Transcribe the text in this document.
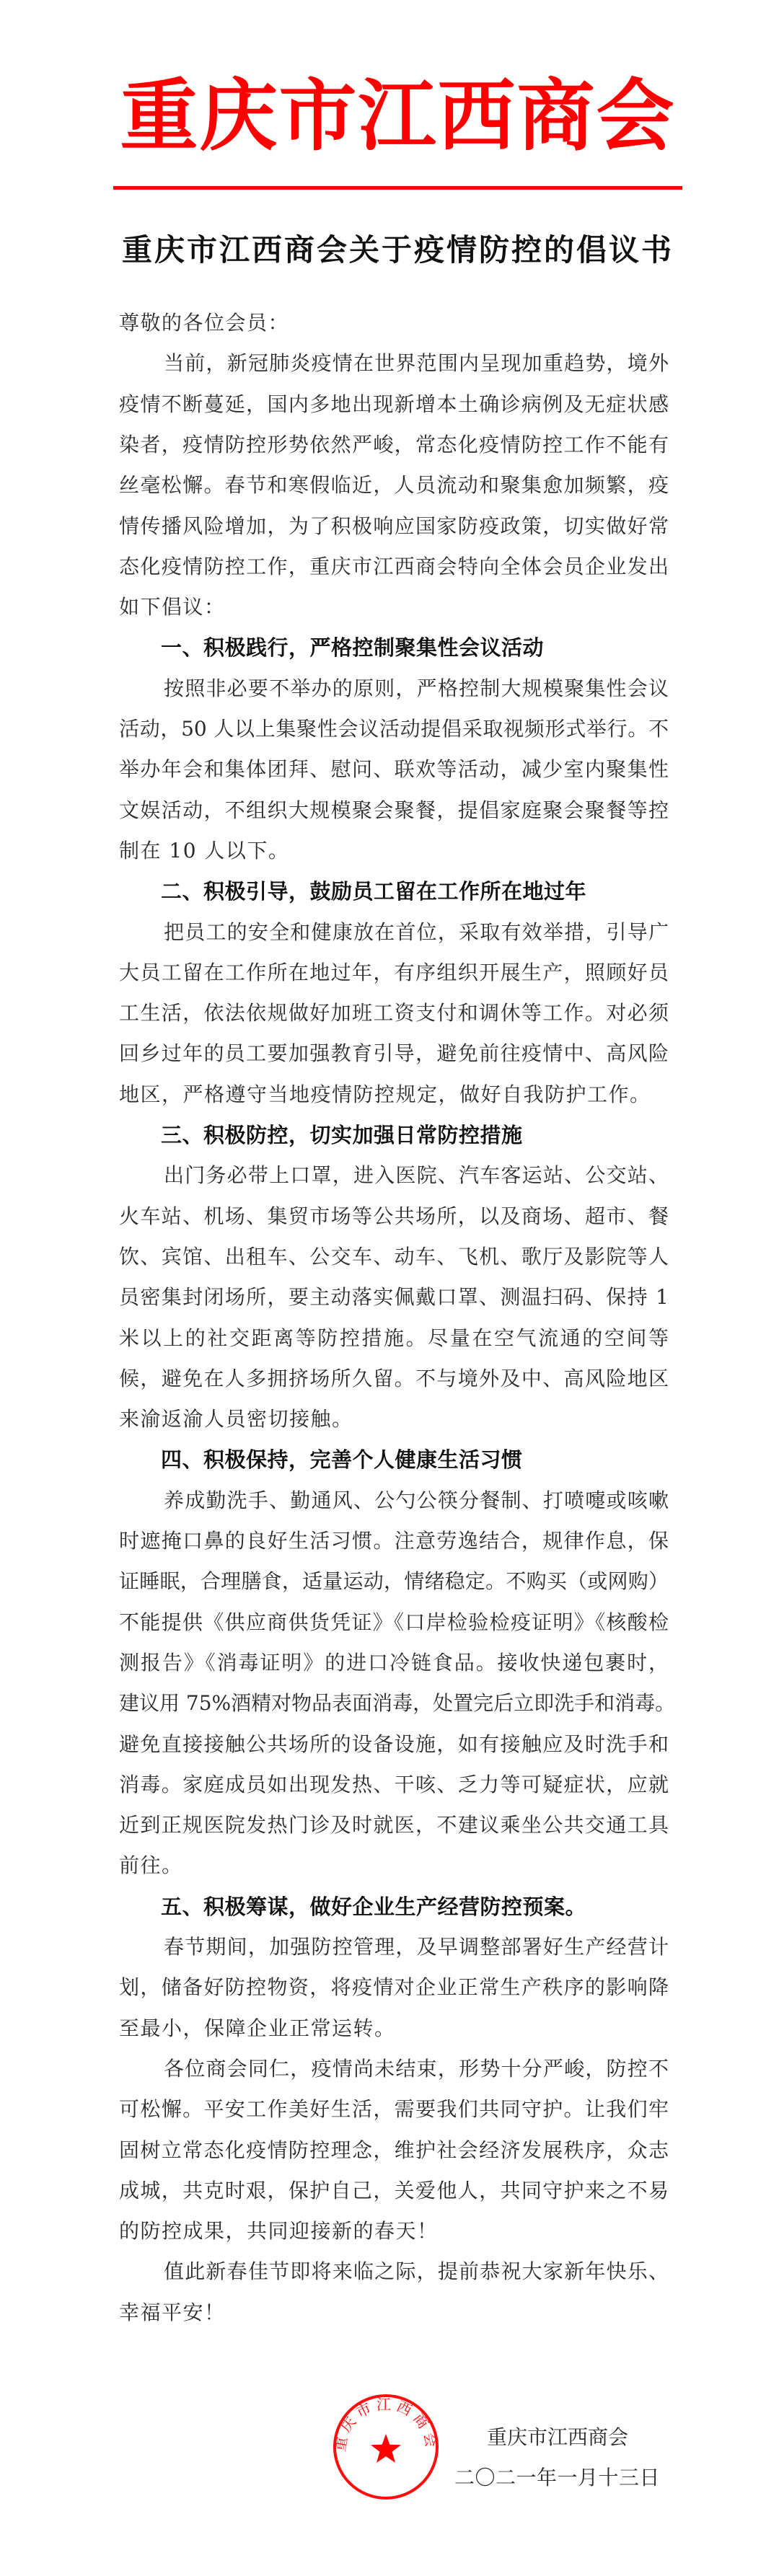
重庆市江西商会
重庆市江西商会关于疫情防控的倡议书
尊敬的各位会员：
当前，新冠肺炎疫情在世界范围内呈现加重趋势，境外
疫情不断蔓延，国内多地出现新增本土确诊病例及无症状感
染者，疫情防控形势依然严峻，常态化疫情防控工作不能有
丝毫松懈。春节和寒假临近，人员流动和聚集愈加频繁，疫
情传播风险增加，为了积极响应国家防疫政策，切实做好常
态化疫情防控工作，重庆市江西商会特向全体会员企业发出
如下倡议：
一、积极践行，严格控制聚集性会议活动
按照非必要不举办的原则，严格控制大规模聚集性会议
活动，50 人以上集聚性会议活动提倡采取视频形式举行。不
举办年会和集体团拜、慰问、联欢等活动，减少室内聚集性
文娱活动，不组织大规模聚会聚餐，提倡家庭聚会聚餐等控
制在 10 人以下。
二、积极引导，鼓励员工留在工作所在地过年
把员工的安全和健康放在首位，采取有效举措，引导广
大员工留在工作所在地过年，有序组织开展生产，照顾好员
工生活，依法依规做好加班工资支付和调休等工作。对必须
回乡过年的员工要加强教育引导，避免前往疫情中、高风险
地区，严格遵守当地疫情防控规定，做好自我防护工作。
三、积极防控，切实加强日常防控措施
出门务必带上口罩，进入医院、汽车客运站、公交站、
火车站、机场、集贸市场等公共场所，以及商场、超市、餐
饮、宾馆、出租车、公交车、动车、飞机、歌厅及影院等人
员密集封闭场所，要主动落实佩戴口罩、测温扫码、保持 1
米以上的社交距离等防控措施。尽量在空气流通的空间等
候，避免在人多拥挤场所久留。不与境外及中、高风险地区
来渝返渝人员密切接触。
四、积极保持，完善个人健康生活习惯
养成勤洗手、勤通风、公勺公筷分餐制、打喷嚏或咳嗽
时遮掩口鼻的良好生活习惯。注意劳逸结合，规律作息，保
证睡眠，合理膳食，适量运动，情绪稳定。不购买（或网购）
不能提供《供应商供货凭证》《口岸检验检疫证明》《核酸检
测报告》《消毒证明》的进口冷链食品。接收快递包裹时，
建议用 75%酒精对物品表面消毒，处置完后立即洗手和消毒。
避免直接接触公共场所的设备设施，如有接触应及时洗手和
消毒。家庭成员如出现发热、干咳、乏力等可疑症状，应就
近到正规医院发热门诊及时就医，不建议乘坐公共交通工具
前往。
五、积极筹谋，做好企业生产经营防控预案。
春节期间，加强防控管理，及早调整部署好生产经营计
划，储备好防控物资，将疫情对企业正常生产秩序的影响降
至最小，保障企业正常运转。
各位商会同仁，疫情尚未结束，形势十分严峻，防控不
可松懈。平安工作美好生活，需要我们共同守护。让我们牢
固树立常态化疫情防控理念，维护社会经济发展秩序，众志
成城，共克时艰，保护自己，关爱他人，共同守护来之不易
的防控成果，共同迎接新的春天！
值此新春佳节即将来临之际，提前恭祝大家新年快乐、
幸福平安！
重庆市江西商会
二〇二一年一月十三日
重庆市江西商会
